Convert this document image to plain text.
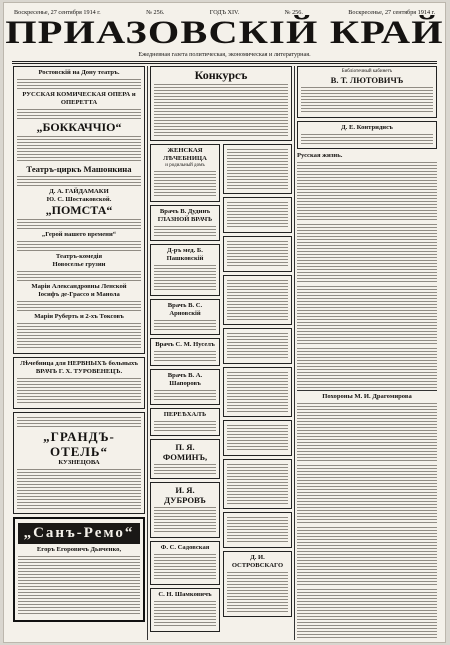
Воскресенье, 27 сентября 1914 г.	№ 256.	ГОДЪ XIV.	№ 256.	Воскресенье, 27 сентября 1914 г.
ПРИАЗОВСКIЙ КРАЙ
Ежедневная газета политическая, экономическая и литературная.
Ростовскiй на Дону театръ.
РУССКАЯ КОМИЧЕСКАЯ ОПЕРА и ОПЕРЕТТА
„БОККАЧЧIО“
Театръ-циркъ Машонкина
Д. А. ГАЙДАМАКИ
Ю. С. Шостаковской.
„ПОМСТА“
„Герой нашего времени“
Театръ-комедiя
Новоселье грузии
Марiи Александровны Ленской
Іосифъ де-Грассо и Манола
Марiи Руберть и 2-хъ Токсовъ
Лѣчебница для НЕРВНЫХЪ больныхъ
ВРАЧЪ Г. Х. ТУРОВЕНЕЦЪ.
„ГРАНДЪ-ОТЕЛЬ“
КУЗНЕЦОВА
„Санъ-Ремо“
Егоръ Егоровичъ Дьяченко,
Конкурсъ
ЖЕНСКАЯ ЛѢЧЕБНИЦА
и родильный домъ
Врачъ В. Дудинъ
ГЛАЗНОЙ ВРАЧЪ
Д-ръ мед. Б. Пашковскiй
Врачъ В. С. Арновскiй
Врачъ С. М. Нуселъ
Врачъ В. А. Шапоровъ
ПЕРЕѢХАЛЪ
П. Я. ФОМИНЪ,
И. Я. ДУБРОВЪ
Ф. С. Садовская
С. Н. Шамковичъ
Д. И. ОСТРОВСКАГО
Библiотечный кабинетъ
В. Т. ЛЮТОВИЧЪ
Д. Е. Контридисъ
Русская жизнь.
Похороны М. И. Драгомирова
